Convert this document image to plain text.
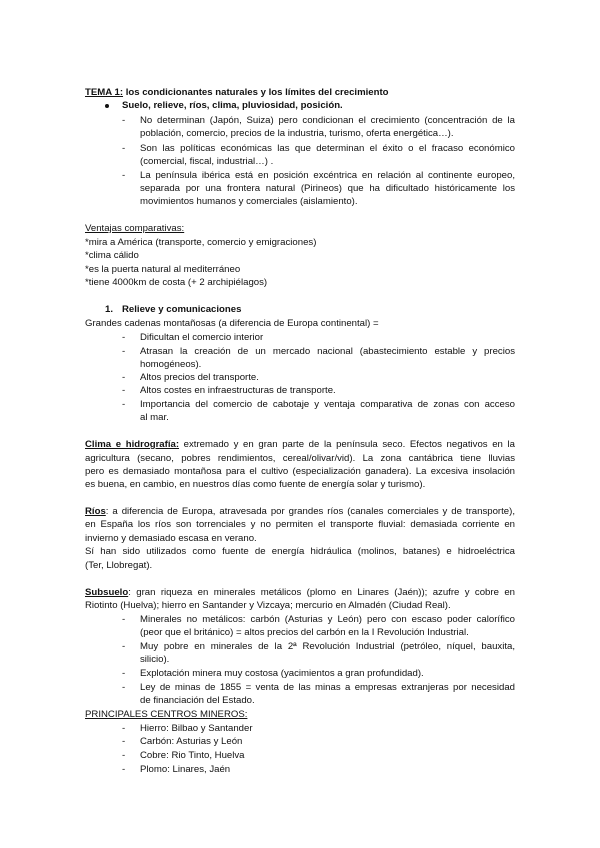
TEMA 1: los condicionantes naturales y los límites del crecimiento
Suelo, relieve, ríos, clima, pluviosidad, posición.
- No determinan (Japón, Suiza) pero condicionan el crecimiento (concentración de la
población, comercio, precios de la industria, turismo, oferta energética…).
- Son las políticas económicas las que determinan el éxito o el fracaso económico
(comercial, fiscal, industrial…) .
- La península ibérica está en posición excéntrica en relación al continente europeo,
separada por una frontera natural (Pirineos) que ha dificultado históricamente los
movimientos humanos y comerciales (aislamiento).
Ventajas comparativas:
*mira a América (transporte, comercio y emigraciones)
*clima cálido
*es la puerta natural al mediterráneo
*tiene 4000km de costa (+ 2 archipiélagos)
1. Relieve y comunicaciones
Grandes cadenas montañosas (a diferencia de Europa continental) =
- Dificultan el comercio interior
- Atrasan la creación de un mercado nacional (abastecimiento estable y precios
homogéneos).
- Altos precios del transporte.
- Altos costes en infraestructuras de transporte.
- Importancia del comercio de cabotaje y ventaja comparativa de zonas con acceso
al mar.
Clima e hidrografía: extremado y en gran parte de la península seco. Efectos negativos en la
agricultura (secano, pobres rendimientos, cereal/olivar/vid). La zona cantábrica tiene lluvias
pero es demasiado montañosa para el cultivo (especialización ganadera). La excesiva insolación
es buena, en cambio, en nuestros días como fuente de energía solar y turismo).
Ríos: a diferencia de Europa, atravesada por grandes ríos (canales comerciales y de transporte),
en España los ríos son torrenciales y no permiten el transporte fluvial: demasiada corriente en
invierno y demasiado escasa en verano.
Sí han sido utilizados como fuente de energía hidráulica (molinos, batanes) e hidroeléctrica
(Ter, Llobregat).
Subsuelo: gran riqueza en minerales metálicos (plomo en Linares (Jaén)); azufre y cobre en
Riotinto (Huelva); hierro en Santander y Vizcaya; mercurio en Almadén (Ciudad Real).
- Minerales no metálicos: carbón (Asturias y León) pero con escaso poder calorífico
(peor que el británico) = altos precios del carbón en la I Revolución Industrial.
- Muy pobre en minerales de la 2ª Revolución Industrial (petróleo, níquel, bauxita,
silicio).
- Explotación minera muy costosa (yacimientos a gran profundidad).
- Ley de minas de 1855 = venta de las minas a empresas extranjeras por necesidad
de financiación del Estado.
PRINCIPALES CENTROS MINEROS:
- Hierro: Bilbao y Santander
- Carbón: Asturias y León
- Cobre: Rio Tinto, Huelva
- Plomo: Linares, Jaén
